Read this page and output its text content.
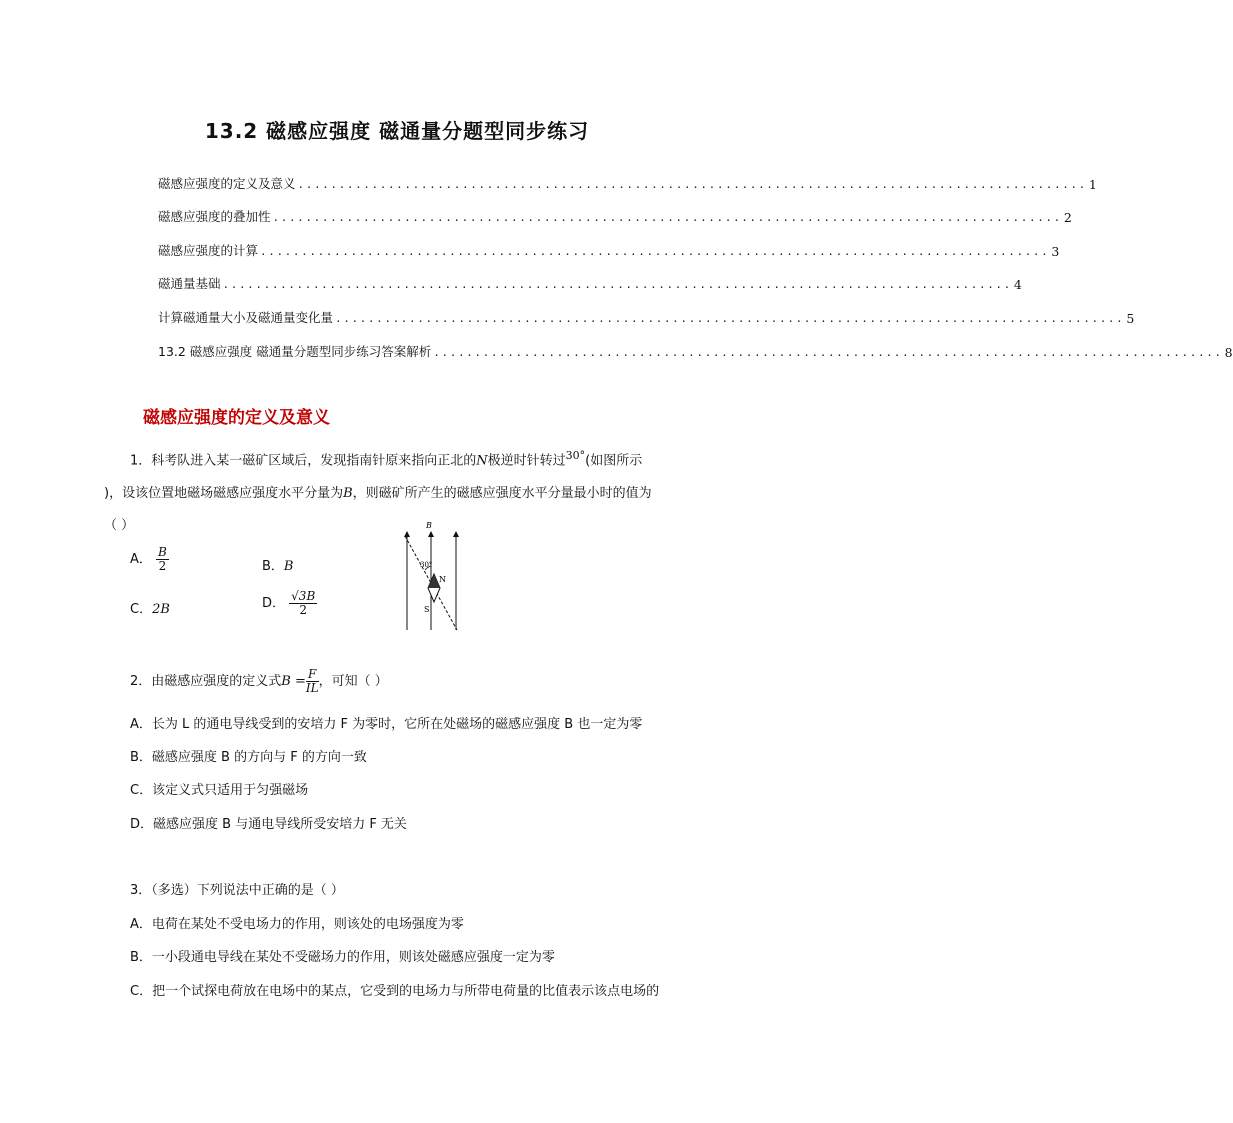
13.2 磁感应强度 磁通量分题型同步练习
磁感应强度的定义及意义 ................................................................................................ 1
磁感应强度的叠加性 ................................................................................................ 2
磁感应强度的计算 ................................................................................................ 3
磁通量基础 ................................................................................................ 4
计算磁通量大小及磁通量变化量 ................................................................................................ 5
13.2 磁感应强度 磁通量分题型同步练习答案解析 ................................................................................................ 8
磁感应强度的定义及意义
1．科考队进入某一磁矿区域后，发现指南针原来指向正北的N极逆时针转过$^{30^\circ}$(如图所示
)，设该位置地磁场磁感应强度水平分量为B，则磁矿所产生的磁感应强度水平分量最小时的值为
（ ）
A． $\frac{B}{2}$	B．B
C．2B	D． $\frac{√3B}{2}$
B
30°
N
S
2．由磁感应强度的定义式$B = \frac{F}{IL}$ ，可知（ ）
A．长为 L 的通电导线受到的安培力 F 为零时，它所在处磁场的磁感应强度 B 也一定为零
B．磁感应强度 B 的方向与 F 的方向一致
C．该定义式只适用于匀强磁场
D．磁感应强度 B 与通电导线所受安培力 F 无关
3．（多选）下列说法中正确的是（ ）
A．电荷在某处不受电场力的作用，则该处的电场强度为零
B．一小段通电导线在某处不受磁场力的作用，则该处磁感应强度一定为零
C．把一个试探电荷放在电场中的某点，它受到的电场力与所带电荷量的比值表示该点电场的
